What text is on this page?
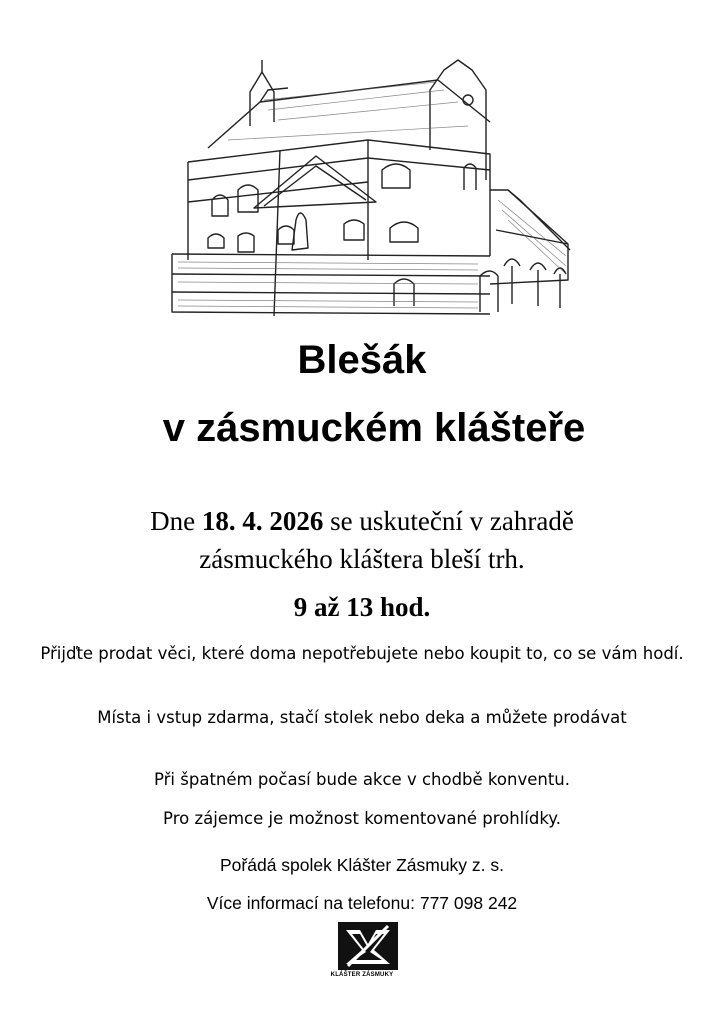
Blešák
v zásmuckém klášteře
Dne 18. 4. 2026 se uskuteční v zahradě
zásmuckého kláštera bleší trh.
9 až 13 hod.
Přijďte prodat věci, které doma nepotřebujete nebo koupit to, co se vám hodí.
Místa i vstup zdarma, stačí stolek nebo deka a můžete prodávat
Při špatném počasí bude akce v chodbě konventu.
Pro zájemce je možnost komentované prohlídky.
Pořádá spolek Klášter Zásmuky z. s.
Více informací na telefonu: 777 098 242
KLÁŠTER ZÁSMUKY
